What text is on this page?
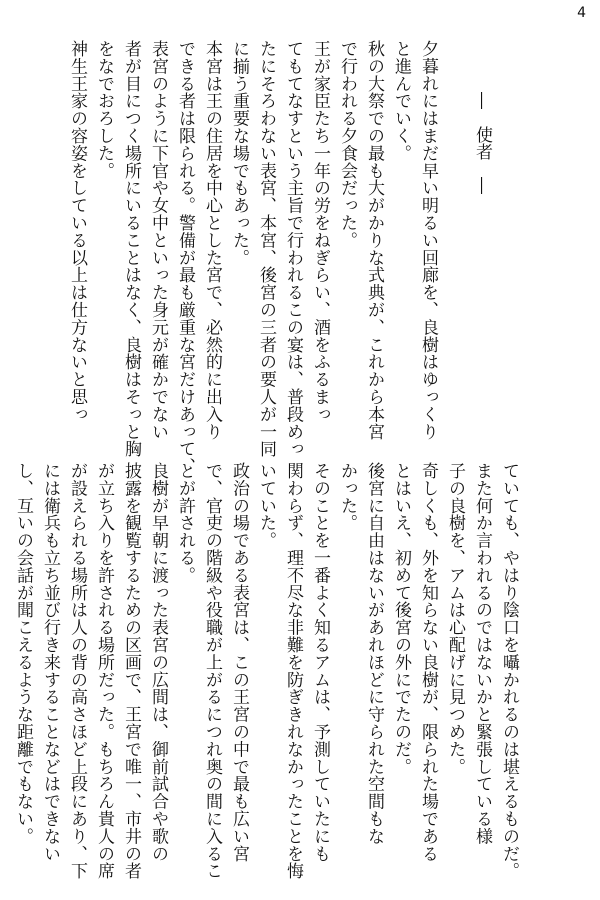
4
―　使者　―
夕暮れにはまだ早い明るい回廊を、良樹はゆっくり
と進んでいく。
秋の大祭での最も大がかりな式典が、これから本宮
で行われる夕食会だった。
王が家臣たち一年の労をねぎらい、酒をふるまっ
てもてなすという主旨で行われるこの宴は、普段めっ
たにそろわない表宮、本宮、後宮の三者の要人が一同
に揃う重要な場でもあった。
本宮は王の住居を中心とした宮で、必然的に出入り
できる者は限られる。警備が最も厳重な宮だけあって、
表宮のように下官や女中といった身元が確かでない
者が目につく場所にいることはなく、良樹はそっと胸
をなでおろした。
神生王家の容姿をしている以上は仕方ないと思っ
ていても、やはり陰口を囁かれるのは堪えるものだ。
また何か言われるのではないかと緊張している様
子の良樹を、アムは心配げに見つめた。
奇しくも、外を知らない良樹が、限られた場である
とはいえ、初めて後宮の外にでたのだ。
後宮に自由はないがあれほどに守られた空間もな
かった。
そのことを一番よく知るアムは、予測していたにも
関わらず、理不尽な非難を防ぎきれなかったことを悔
いていた。
政治の場である表宮は、この王宮の中で最も広い宮
で、官吏の階級や役職が上がるにつれ奥の間に入るこ
とが許される。
良樹が早朝に渡った表宮の広間は、御前試合や歌の
披露を観覧するための区画で、王宮で唯一、市井の者
が立ち入りを許される場所だった。もちろん貴人の席
が設えられる場所は人の背の高さほど上段にあり、下
には衛兵も立ち並び行き来することなどはできない
し、互いの会話が聞こえるような距離でもない。
